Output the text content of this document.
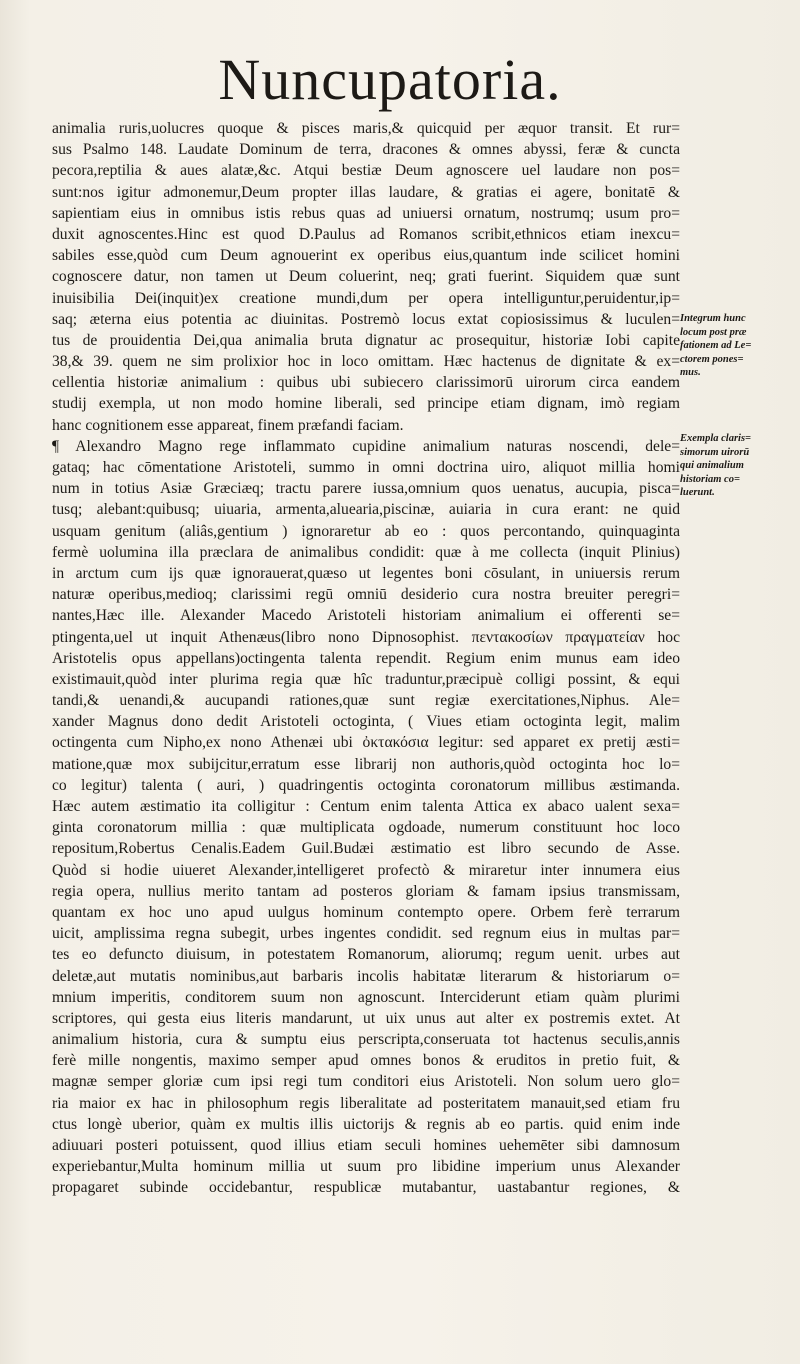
Nuncupatoria.
animalia ruris,uolucres quoque & pisces maris,& quicquid per æquor transit. Et rur=
sus Psalmo 148. Laudate Dominum de terra, dracones & omnes abyssi, feræ & cuncta
pecora,reptilia & aues alatæ,&c. Atqui bestiæ Deum agnoscere uel laudare non pos=
sunt:nos igitur admonemur,Deum propter illas laudare, & gratias ei agere, bonitatē &
sapientiam eius in omnibus istis rebus quas ad uniuersi ornatum, nostrumq; usum pro=
duxit agnoscentes.Hinc est quod D.Paulus ad Romanos scribit,ethnicos etiam inexcu=
sabiles esse,quòd cum Deum agnouerint ex operibus eius,quantum inde scilicet homini
cognoscere datur, non tamen ut Deum coluerint, neq; grati fuerint. Siquidem quæ sunt
inuisibilia Dei(inquit)ex creatione mundi,dum per opera intelliguntur,peruidentur,ip=
saq; æterna eius potentia ac diuinitas. Postremò locus extat copiosissimus & luculen=
tus de prouidentia Dei,qua animalia bruta dignatur ac prosequitur, historiæ Iobi capite
38,& 39. quem ne sim prolixior hoc in loco omittam. Hæc hactenus de dignitate & ex=
cellentia historiæ animalium : quibus ubi subiecero clarissimorū uirorum circa eandem
studij exempla, ut non modo homine liberali, sed principe etiam dignam, imò regiam
hanc cognitionem esse appareat, finem præfandi faciam.
¶ Alexandro Magno rege inflammato cupidine animalium naturas noscendi, dele=
gataq; hac cōmentatione Aristoteli, summo in omni doctrina uiro, aliquot millia homi
num in totius Asiæ Græciæq; tractu parere iussa,omnium quos uenatus, aucupia, pisca=
tusq; alebant:quibusq; uiuaria, armenta,aluearia,piscinæ, auiaria in cura erant: ne quid
usquam genitum (aliâs,gentium ) ignoraretur ab eo : quos percontando, quinquaginta
fermè uolumina illa præclara de animalibus condidit: quæ à me collecta (inquit Plinius)
in arctum cum ijs quæ ignorauerat,quæso ut legentes boni cōsulant, in uniuersis rerum
naturæ operibus,medioq; clarissimi regū omniū desiderio cura nostra breuiter peregri=
nantes,Hæc ille. Alexander Macedo Aristoteli historiam animalium ei offerenti se=
ptingenta,uel ut inquit Athenæus(libro nono Dipnosophist. πεντακοσίων πραγματείαν hoc
Aristotelis opus appellans)octingenta talenta rependit. Regium enim munus eam ideo
existimauit,quòd inter plurima regia quæ hîc traduntur,præcipuè colligi possint, & equi
tandi,& uenandi,& aucupandi rationes,quæ sunt regiæ exercitationes,Niphus. Ale=
xander Magnus dono dedit Aristoteli octoginta, ( Viues etiam octoginta legit, malim
octingenta cum Nipho,ex nono Athenæi ubi ὀκτακόσια legitur: sed apparet ex pretij æsti=
matione,quæ mox subijcitur,erratum esse librarij non authoris,quòd octoginta hoc lo=
co legitur) talenta ( auri, ) quadringentis octoginta coronatorum millibus æstimanda.
Hæc autem æstimatio ita colligitur : Centum enim talenta Attica ex abaco ualent sexa=
ginta coronatorum millia : quæ multiplicata ogdoade, numerum constituunt hoc loco
repositum,Robertus Cenalis.Eadem Guil.Budæi æstimatio est libro secundo de Asse.
Quòd si hodie uiueret Alexander,intelligeret profectò & miraretur inter innumera eius
regia opera, nullius merito tantam ad posteros gloriam & famam ipsius transmissam,
quantam ex hoc uno apud uulgus hominum contempto opere. Orbem ferè terrarum
uicit, amplissima regna subegit, urbes ingentes condidit. sed regnum eius in multas par=
tes eo defuncto diuisum, in potestatem Romanorum, aliorumq; regum uenit. urbes aut
deletæ,aut mutatis nominibus,aut barbaris incolis habitatæ literarum & historiarum o=
mnium imperitis, conditorem suum non agnoscunt. Interciderunt etiam quàm plurimi
scriptores, qui gesta eius literis mandarunt, ut uix unus aut alter ex postremis extet. At
animalium historia, cura & sumptu eius perscripta,conseruata tot hactenus seculis,annis
ferè mille nongentis, maximo semper apud omnes bonos & eruditos in pretio fuit, &
magnæ semper gloriæ cum ipsi regi tum conditori eius Aristoteli. Non solum uero glo=
ria maior ex hac in philosophum regis liberalitate ad posteritatem manauit,sed etiam fru
ctus longè uberior, quàm ex multis illis uictorijs & regnis ab eo partis. quid enim inde
adiuuari posteri potuissent, quod illius etiam seculi homines uehemēter sibi damnosum
experiebantur,Multa hominum millia ut suum pro libidine imperium unus Alexander
propagaret subinde occidebantur, respublicæ mutabantur, uastabantur regiones, &
Integrum hunc
locum post præ
fationem ad Le=
ctorem pones=
mus.
Exempla claris=
simorum uirorū
qui animalium
historiam co=
luerunt.
